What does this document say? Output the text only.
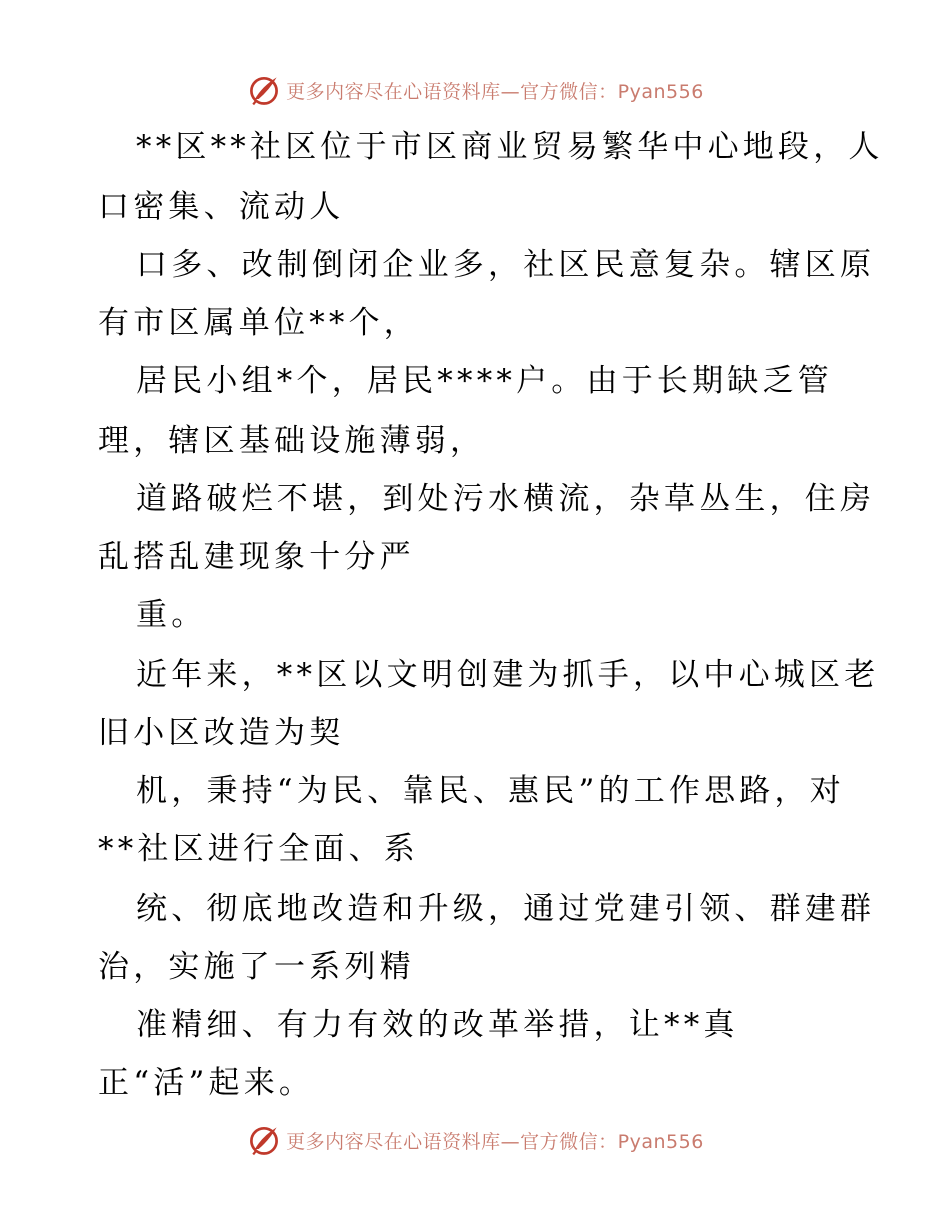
更多内容尽在心语资料库—官方微信：Pyan556
**区**社区位于市区商业贸易繁华中心地段，人
口密集、流动人
口多、改制倒闭企业多，社区民意复杂。辖区原
有市区属单位**个，
居民小组*个，居民****户。由于长期缺乏管
理，辖区基础设施薄弱，
道路破烂不堪，到处污水横流，杂草丛生，住房
乱搭乱建现象十分严
重。
近年来，**区以文明创建为抓手，以中心城区老
旧小区改造为契
机，秉持“为民、靠民、惠民”的工作思路，对
**社区进行全面、系
统、彻底地改造和升级，通过党建引领、群建群
治，实施了一系列精
准精细、有力有效的改革举措，让**真
正“活”起来。
更多内容尽在心语资料库—官方微信：Pyan556
